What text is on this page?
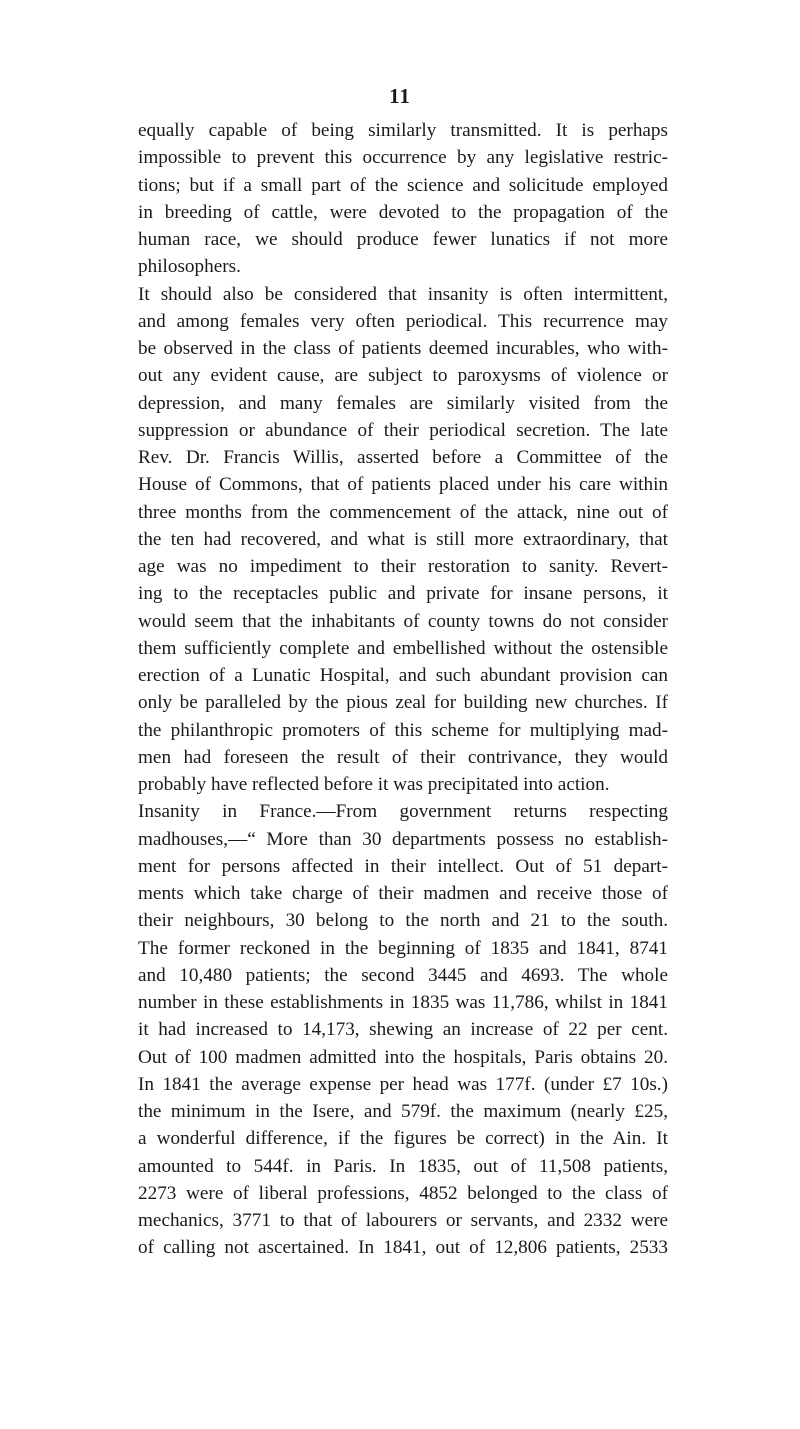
11
equally capable of being similarly transmitted. It is perhaps
impossible to prevent this occurrence by any legislative restric-
tions; but if a small part of the science and solicitude employed
in breeding of cattle, were devoted to the propagation of the
human race, we should produce fewer lunatics if not more
philosophers.
It should also be considered that insanity is often intermittent,
and among females very often periodical. This recurrence may
be observed in the class of patients deemed incurables, who with-
out any evident cause, are subject to paroxysms of violence or
depression, and many females are similarly visited from the
suppression or abundance of their periodical secretion. The late
Rev. Dr. Francis Willis, asserted before a Committee of the
House of Commons, that of patients placed under his care within
three months from the commencement of the attack, nine out of
the ten had recovered, and what is still more extraordinary, that
age was no impediment to their restoration to sanity. Revert-
ing to the receptacles public and private for insane persons, it
would seem that the inhabitants of county towns do not consider
them sufficiently complete and embellished without the ostensible
erection of a Lunatic Hospital, and such abundant provision can
only be paralleled by the pious zeal for building new churches. If
the philanthropic promoters of this scheme for multiplying mad-
men had foreseen the result of their contrivance, they would
probably have reflected before it was precipitated into action.
Insanity in France.—From government returns respecting
madhouses,—“ More than 30 departments possess no establish-
ment for persons affected in their intellect. Out of 51 depart-
ments which take charge of their madmen and receive those of
their neighbours, 30 belong to the north and 21 to the south.
The former reckoned in the beginning of 1835 and 1841, 8741
and 10,480 patients; the second 3445 and 4693. The whole
number in these establishments in 1835 was 11,786, whilst in 1841
it had increased to 14,173, shewing an increase of 22 per cent.
Out of 100 madmen admitted into the hospitals, Paris obtains 20.
In 1841 the average expense per head was 177f. (under £7 10s.)
the minimum in the Isere, and 579f. the maximum (nearly £25,
a wonderful difference, if the figures be correct) in the Ain. It
amounted to 544f. in Paris. In 1835, out of 11,508 patients,
2273 were of liberal professions, 4852 belonged to the class of
mechanics, 3771 to that of labourers or servants, and 2332 were
of calling not ascertained. In 1841, out of 12,806 patients, 2533
